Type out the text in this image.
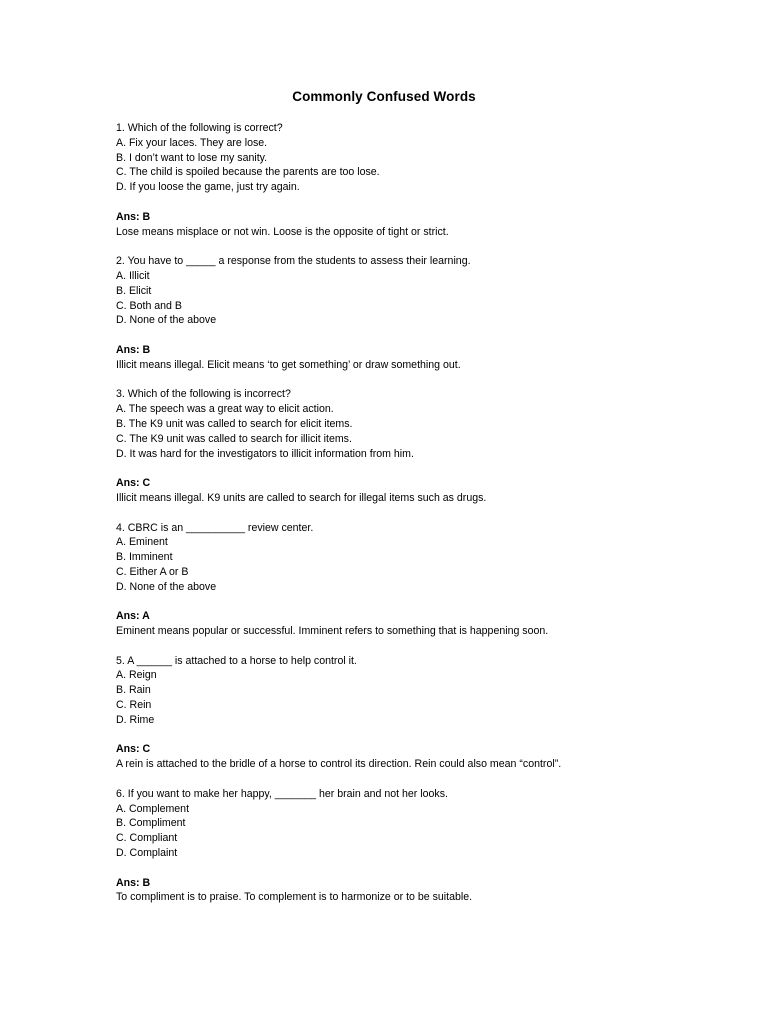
Commonly Confused Words
1. Which of the following is correct?
A. Fix your laces. They are lose.
B. I don’t want to lose my sanity.
C. The child is spoiled because the parents are too lose.
D. If you loose the game, just try again.
Ans: B
Lose means misplace or not win. Loose is the opposite of tight or strict.
2. You have to _____ a response from the students to assess their learning.
A. Illicit
B. Elicit
C. Both and B
D. None of the above
Ans: B
Illicit means illegal. Elicit means ‘to get something’ or draw something out.
3. Which of the following is incorrect?
A. The speech was a great way to elicit action.
B. The K9 unit was called to search for elicit items.
C. The K9 unit was called to search for illicit items.
D. It was hard for the investigators to illicit information from him.
Ans: C
Illicit means illegal. K9 units are called to search for illegal items such as drugs.
4. CBRC is an __________ review center.
A. Eminent
B. Imminent
C. Either A or B
D. None of the above
Ans: A
Eminent means popular or successful. Imminent refers to something that is happening soon.
5. A ______ is attached to a horse to help control it.
A. Reign
B. Rain
C. Rein
D. Rime
Ans: C
A rein is attached to the bridle of a horse to control its direction. Rein could also mean “control”.
6. If you want to make her happy, _______ her brain and not her looks.
A. Complement
B. Compliment
C. Compliant
D. Complaint
Ans: B
To compliment is to praise. To complement is to harmonize or to be suitable.
